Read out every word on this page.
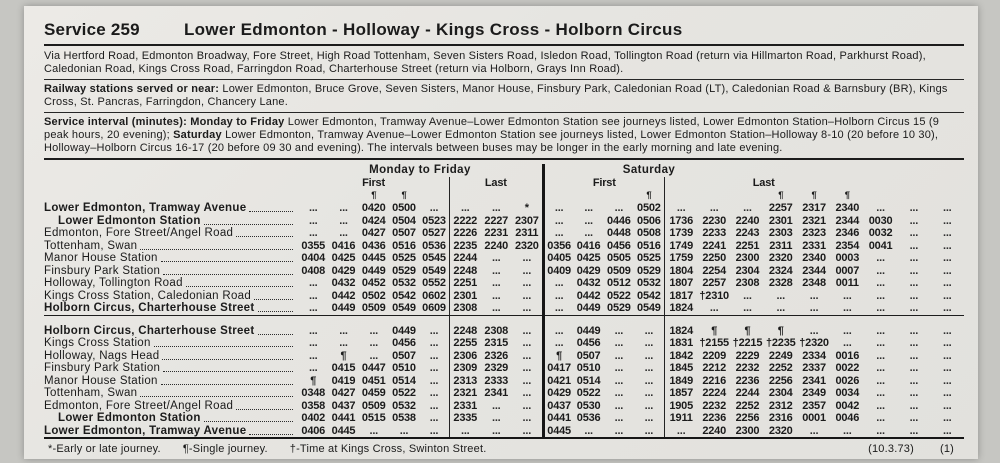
Service 259	Lower Edmonton - Holloway - Kings Cross - Holborn Circus

Via Hertford Road, Edmonton Broadway, Fore Street, High Road Tottenham, Seven Sisters Road, Isledon Road, Tollington Road (return via Hillmarton Road, Parkhurst Road), Caledonian Road, Kings Cross Road, Farringdon Road, Charterhouse Street (return via Holborn, Grays Inn Road).

Railway stations served or near: Lower Edmonton, Bruce Grove, Seven Sisters, Manor House, Finsbury Park, Caledonian Road (LT), Caledonian Road & Barnsbury (BR), Kings Cross, St. Pancras, Farringdon, Chancery Lane.

Service interval (minutes): Monday to Friday Lower Edmonton, Tramway Avenue–Lower Edmonton Station see journeys listed, Lower Edmonton Station–Holborn Circus 15 (9 peak hours, 20 evening); Saturday Lower Edmonton, Tramway Avenue–Lower Edmonton Station see journeys listed, Lower Edmonton Station–Holloway 8-10 (20 before 10 30), Holloway–Holborn Circus 16-17 (20 before 09 30 and evening). The intervals between buses may be longer in the early morning and late evening.

	Monday to Friday								Saturday												
	First					Last			First				Last								
			¶	¶								¶				¶	¶	¶			

Lower Edmonton, Tramway Avenue	...	...	0420	0500	...	...	...	*	...	...	...	0502	...	...	...	2257	2317	2340	...	...	...

Lower Edmonton Station	...	...	0424	0504	0523	2222	2227	2307	...	...	0446	0506	1736	2230	2240	2301	2321	2344	0030	...	...

Edmonton, Fore Street/Angel Road	...	...	0427	0507	0527	2226	2231	2311	...	...	0448	0508	1739	2233	2243	2303	2323	2346	0032	...	...

Tottenham, Swan	0355	0416	0436	0516	0536	2235	2240	2320	0356	0416	0456	0516	1749	2241	2251	2311	2331	2354	0041	...	...

Manor House Station	0404	0425	0445	0525	0545	2244	...	...	0405	0425	0505	0525	1759	2250	2300	2320	2340	0003	...	...	...

Finsbury Park Station	0408	0429	0449	0529	0549	2248	...	...	0409	0429	0509	0529	1804	2254	2304	2324	2344	0007	...	...	...

Holloway, Tollington Road	...	0432	0452	0532	0552	2251	...	...	...	0432	0512	0532	1807	2257	2308	2328	2348	0011	...	...	...

Kings Cross Station, Caledonian Road	...	0442	0502	0542	0602	2301	...	...	...	0442	0522	0542	1817	†2310	...	...	...	...	...	...	...

Holborn Circus, Charterhouse Street	...	0449	0509	0549	0609	2308	...	...	...	0449	0529	0549	1824	...	...	...	...	...	...	...	...

Holborn Circus, Charterhouse Street	...	...	...	0449	...	2248	2308	...	...	0449	...	...	1824	¶	¶	¶	...	...	...	...	...

Kings Cross Station	...	...	...	0456	...	2255	2315	...	...	0456	...	...	1831	†2155	†2215	†2235	†2320	...	...	...	...

Holloway, Nags Head	...	¶	...	0507	...	2306	2326	...	¶	0507	...	...	1842	2209	2229	2249	2334	0016	...	...	...

Finsbury Park Station	...	0415	0447	0510	...	2309	2329	...	0417	0510	...	...	1845	2212	2232	2252	2337	0022	...	...	...

Manor House Station	¶	0419	0451	0514	...	2313	2333	...	0421	0514	...	...	1849	2216	2236	2256	2341	0026	...	...	...

Tottenham, Swan	0348	0427	0459	0522	...	2321	2341	...	0429	0522	...	...	1857	2224	2244	2304	2349	0034	...	...	...

Edmonton, Fore Street/Angel Road	0358	0437	0509	0532	...	2331	...	...	0437	0530	...	...	1905	2232	2252	2312	2357	0042	...	...	...

Lower Edmonton Station	0402	0441	0515	0538	...	2335	...	...	0441	0536	...	...	1911	2236	2256	2316	0001	0046	...	...	...

Lower Edmonton, Tramway Avenue	0406	0445	...	...	...	...	...	...	0445	...	...	...	...	2240	2300	2320	...	...	...	...	...
*-Early or late journey. ¶-Single journey. †-Time at Kings Cross, Swinton Street.	(10.3.73) (1)
